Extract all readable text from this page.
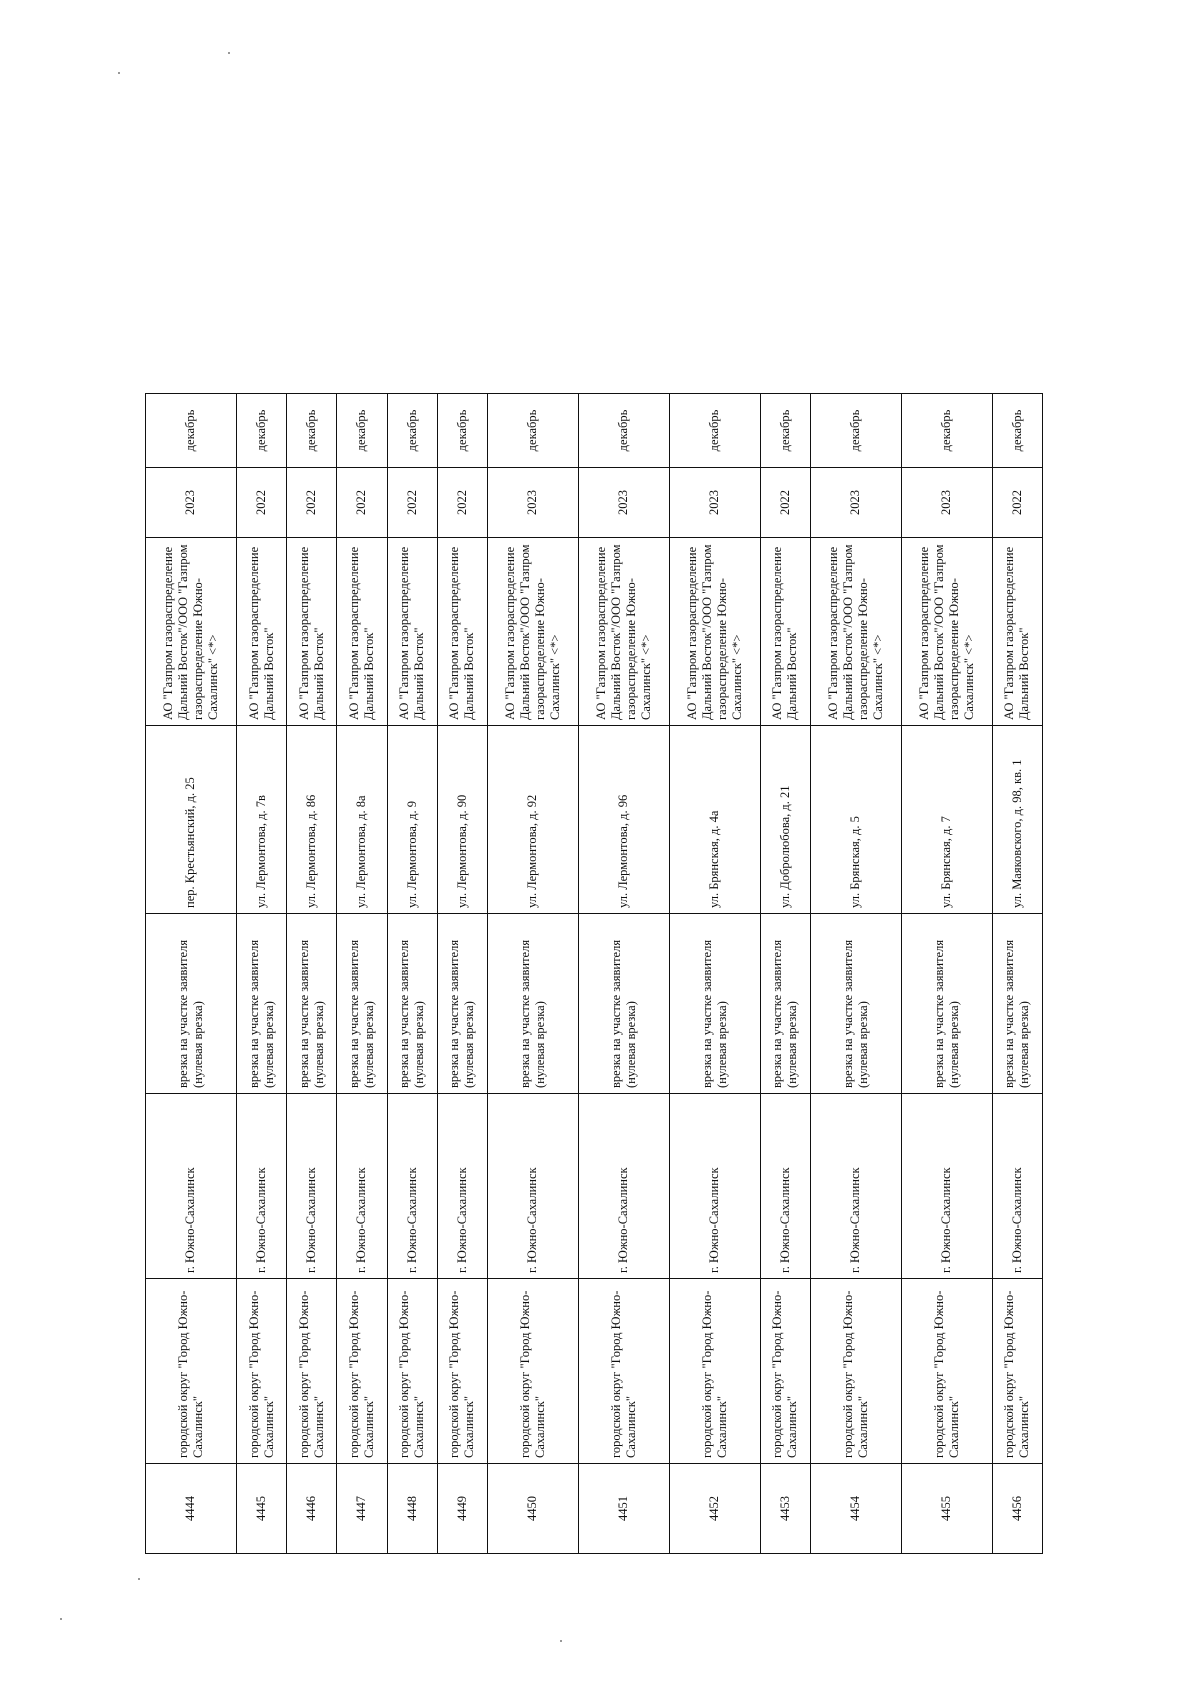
4444	городской округ "Город Южно-Сахалинск"	г. Южно-Сахалинск	врезка на участке заявителя (нулевая врезка)	пер. Крестьянский, д. 25	АО "Газпром газораспределение Дальний Восток"/ООО "Газпром газораспределение Южно-Сахалинск" <*>	2023	декабрь
4445	городской округ "Город Южно-Сахалинск"	г. Южно-Сахалинск	врезка на участке заявителя (нулевая врезка)	ул. Лермонтова, д. 7в	АО "Газпром газораспределение Дальний Восток"	2022	декабрь
4446	городской округ "Город Южно-Сахалинск"	г. Южно-Сахалинск	врезка на участке заявителя (нулевая врезка)	ул. Лермонтова, д. 86	АО "Газпром газораспределение Дальний Восток"	2022	декабрь
4447	городской округ "Город Южно-Сахалинск"	г. Южно-Сахалинск	врезка на участке заявителя (нулевая врезка)	ул. Лермонтова, д. 8а	АО "Газпром газораспределение Дальний Восток"	2022	декабрь
4448	городской округ "Город Южно-Сахалинск"	г. Южно-Сахалинск	врезка на участке заявителя (нулевая врезка)	ул. Лермонтова, д. 9	АО "Газпром газораспределение Дальний Восток"	2022	декабрь
4449	городской округ "Город Южно-Сахалинск"	г. Южно-Сахалинск	врезка на участке заявителя (нулевая врезка)	ул. Лермонтова, д. 90	АО "Газпром газораспределение Дальний Восток"	2022	декабрь
4450	городской округ "Город Южно-Сахалинск"	г. Южно-Сахалинск	врезка на участке заявителя (нулевая врезка)	ул. Лермонтова, д. 92	АО "Газпром газораспределение Дальний Восток"/ООО "Газпром газораспределение Южно-Сахалинск" <*>	2023	декабрь
4451	городской округ "Город Южно-Сахалинск"	г. Южно-Сахалинск	врезка на участке заявителя (нулевая врезка)	ул. Лермонтова, д. 96	АО "Газпром газораспределение Дальний Восток"/ООО "Газпром газораспределение Южно-Сахалинск" <*>	2023	декабрь
4452	городской округ "Город Южно-Сахалинск"	г. Южно-Сахалинск	врезка на участке заявителя (нулевая врезка)	ул. Брянская, д. 4а	АО "Газпром газораспределение Дальний Восток"/ООО "Газпром газораспределение Южно-Сахалинск" <*>	2023	декабрь
4453	городской округ "Город Южно-Сахалинск"	г. Южно-Сахалинск	врезка на участке заявителя (нулевая врезка)	ул. Добролюбова, д. 21	АО "Газпром газораспределение Дальний Восток"	2022	декабрь
4454	городской округ "Город Южно-Сахалинск"	г. Южно-Сахалинск	врезка на участке заявителя (нулевая врезка)	ул. Брянская, д. 5	АО "Газпром газораспределение Дальний Восток"/ООО "Газпром газораспределение Южно-Сахалинск" <*>	2023	декабрь
4455	городской округ "Город Южно-Сахалинск"	г. Южно-Сахалинск	врезка на участке заявителя (нулевая врезка)	ул. Брянская, д. 7	АО "Газпром газораспределение Дальний Восток"/ООО "Газпром газораспределение Южно-Сахалинск" <*>	2023	декабрь
4456	городской округ "Город Южно-Сахалинск"	г. Южно-Сахалинск	врезка на участке заявителя (нулевая врезка)	ул. Маяковского, д. 98, кв. 1	АО "Газпром газораспределение Дальний Восток"	2022	декабрь
